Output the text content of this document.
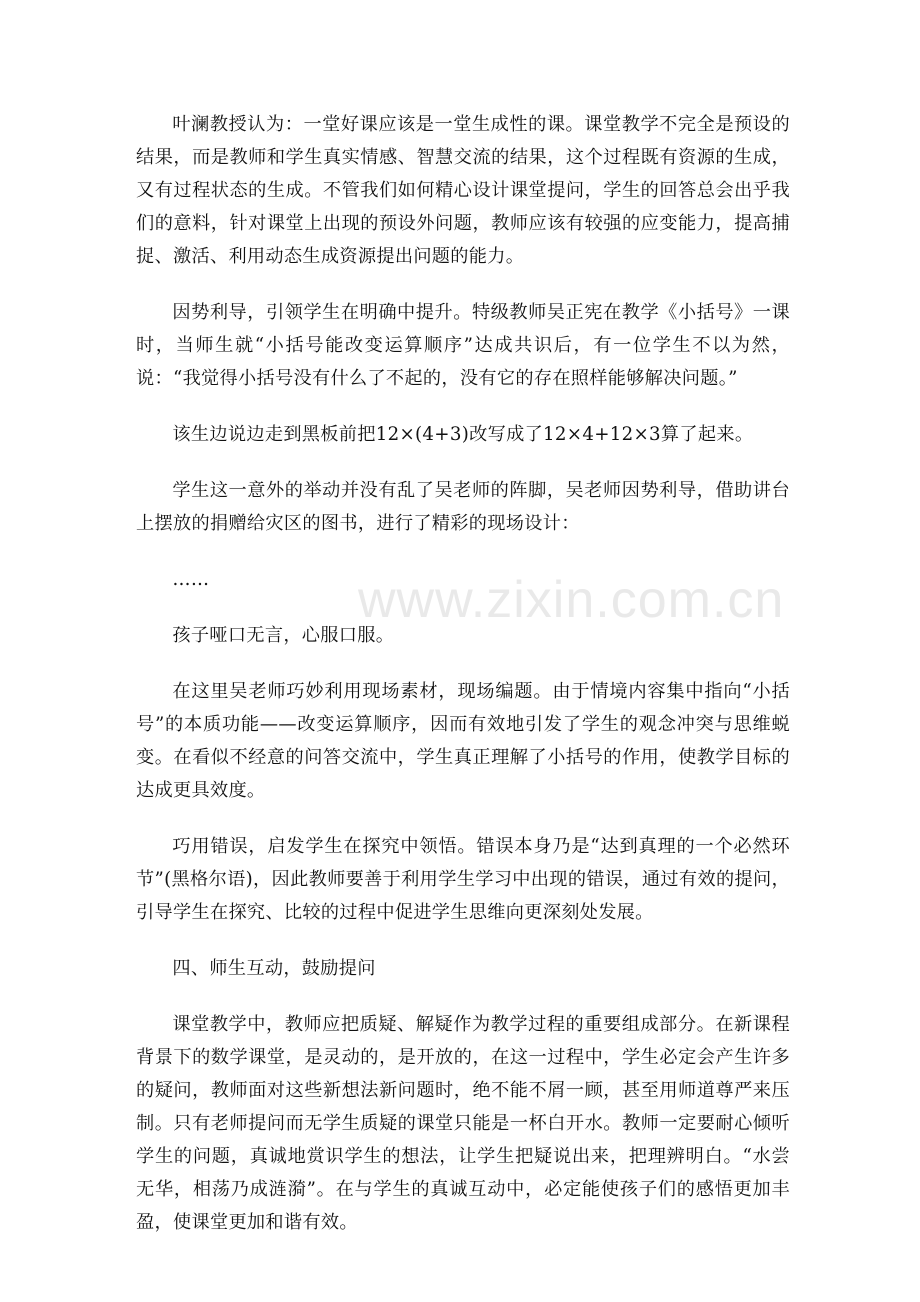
www.zixin.com.cn

叶澜教授认为：一堂好课应该是一堂生成性的课。课堂教学不完全是预设的结果，而是教师和学生真实情感、智慧交流的结果，这个过程既有资源的生成，又有过程状态的生成。不管我们如何精心设计课堂提问，学生的回答总会出乎我们的意料，针对课堂上出现的预设外问题，教师应该有较强的应变能力，提高捕捉、激活、利用动态生成资源提出问题的能力。

因势利导，引领学生在明确中提升。特级教师吴正宪在教学《小括号》一课时，当师生就“小括号能改变运算顺序”达成共识后，有一位学生不以为然，说：“我觉得小括号没有什么了不起的，没有它的存在照样能够解决问题。”

该生边说边走到黑板前把12×(4+3)改写成了12×4+12×3算了起来。

学生这一意外的举动并没有乱了吴老师的阵脚，吴老师因势利导，借助讲台上摆放的捐赠给灾区的图书，进行了精彩的现场设计：

……

孩子哑口无言，心服口服。

在这里吴老师巧妙利用现场素材，现场编题。由于情境内容集中指向“小括号”的本质功能——改变运算顺序，因而有效地引发了学生的观念冲突与思维蜕变。在看似不经意的问答交流中，学生真正理解了小括号的作用，使教学目标的达成更具效度。

巧用错误，启发学生在探究中领悟。错误本身乃是“达到真理的一个必然环节”(黑格尔语)，因此教师要善于利用学生学习中出现的错误，通过有效的提问，引导学生在探究、比较的过程中促进学生思维向更深刻处发展。

四、师生互动，鼓励提问

课堂教学中，教师应把质疑、解疑作为教学过程的重要组成部分。在新课程背景下的数学课堂，是灵动的，是开放的，在这一过程中，学生必定会产生许多的疑问，教师面对这些新想法新问题时，绝不能不屑一顾，甚至用师道尊严来压制。只有老师提问而无学生质疑的课堂只能是一杯白开水。教师一定要耐心倾听学生的问题，真诚地赏识学生的想法，让学生把疑说出来，把理辨明白。“水尝无华，相荡乃成涟漪”。在与学生的真诚互动中，必定能使孩子们的感悟更加丰盈，使课堂更加和谐有效。
